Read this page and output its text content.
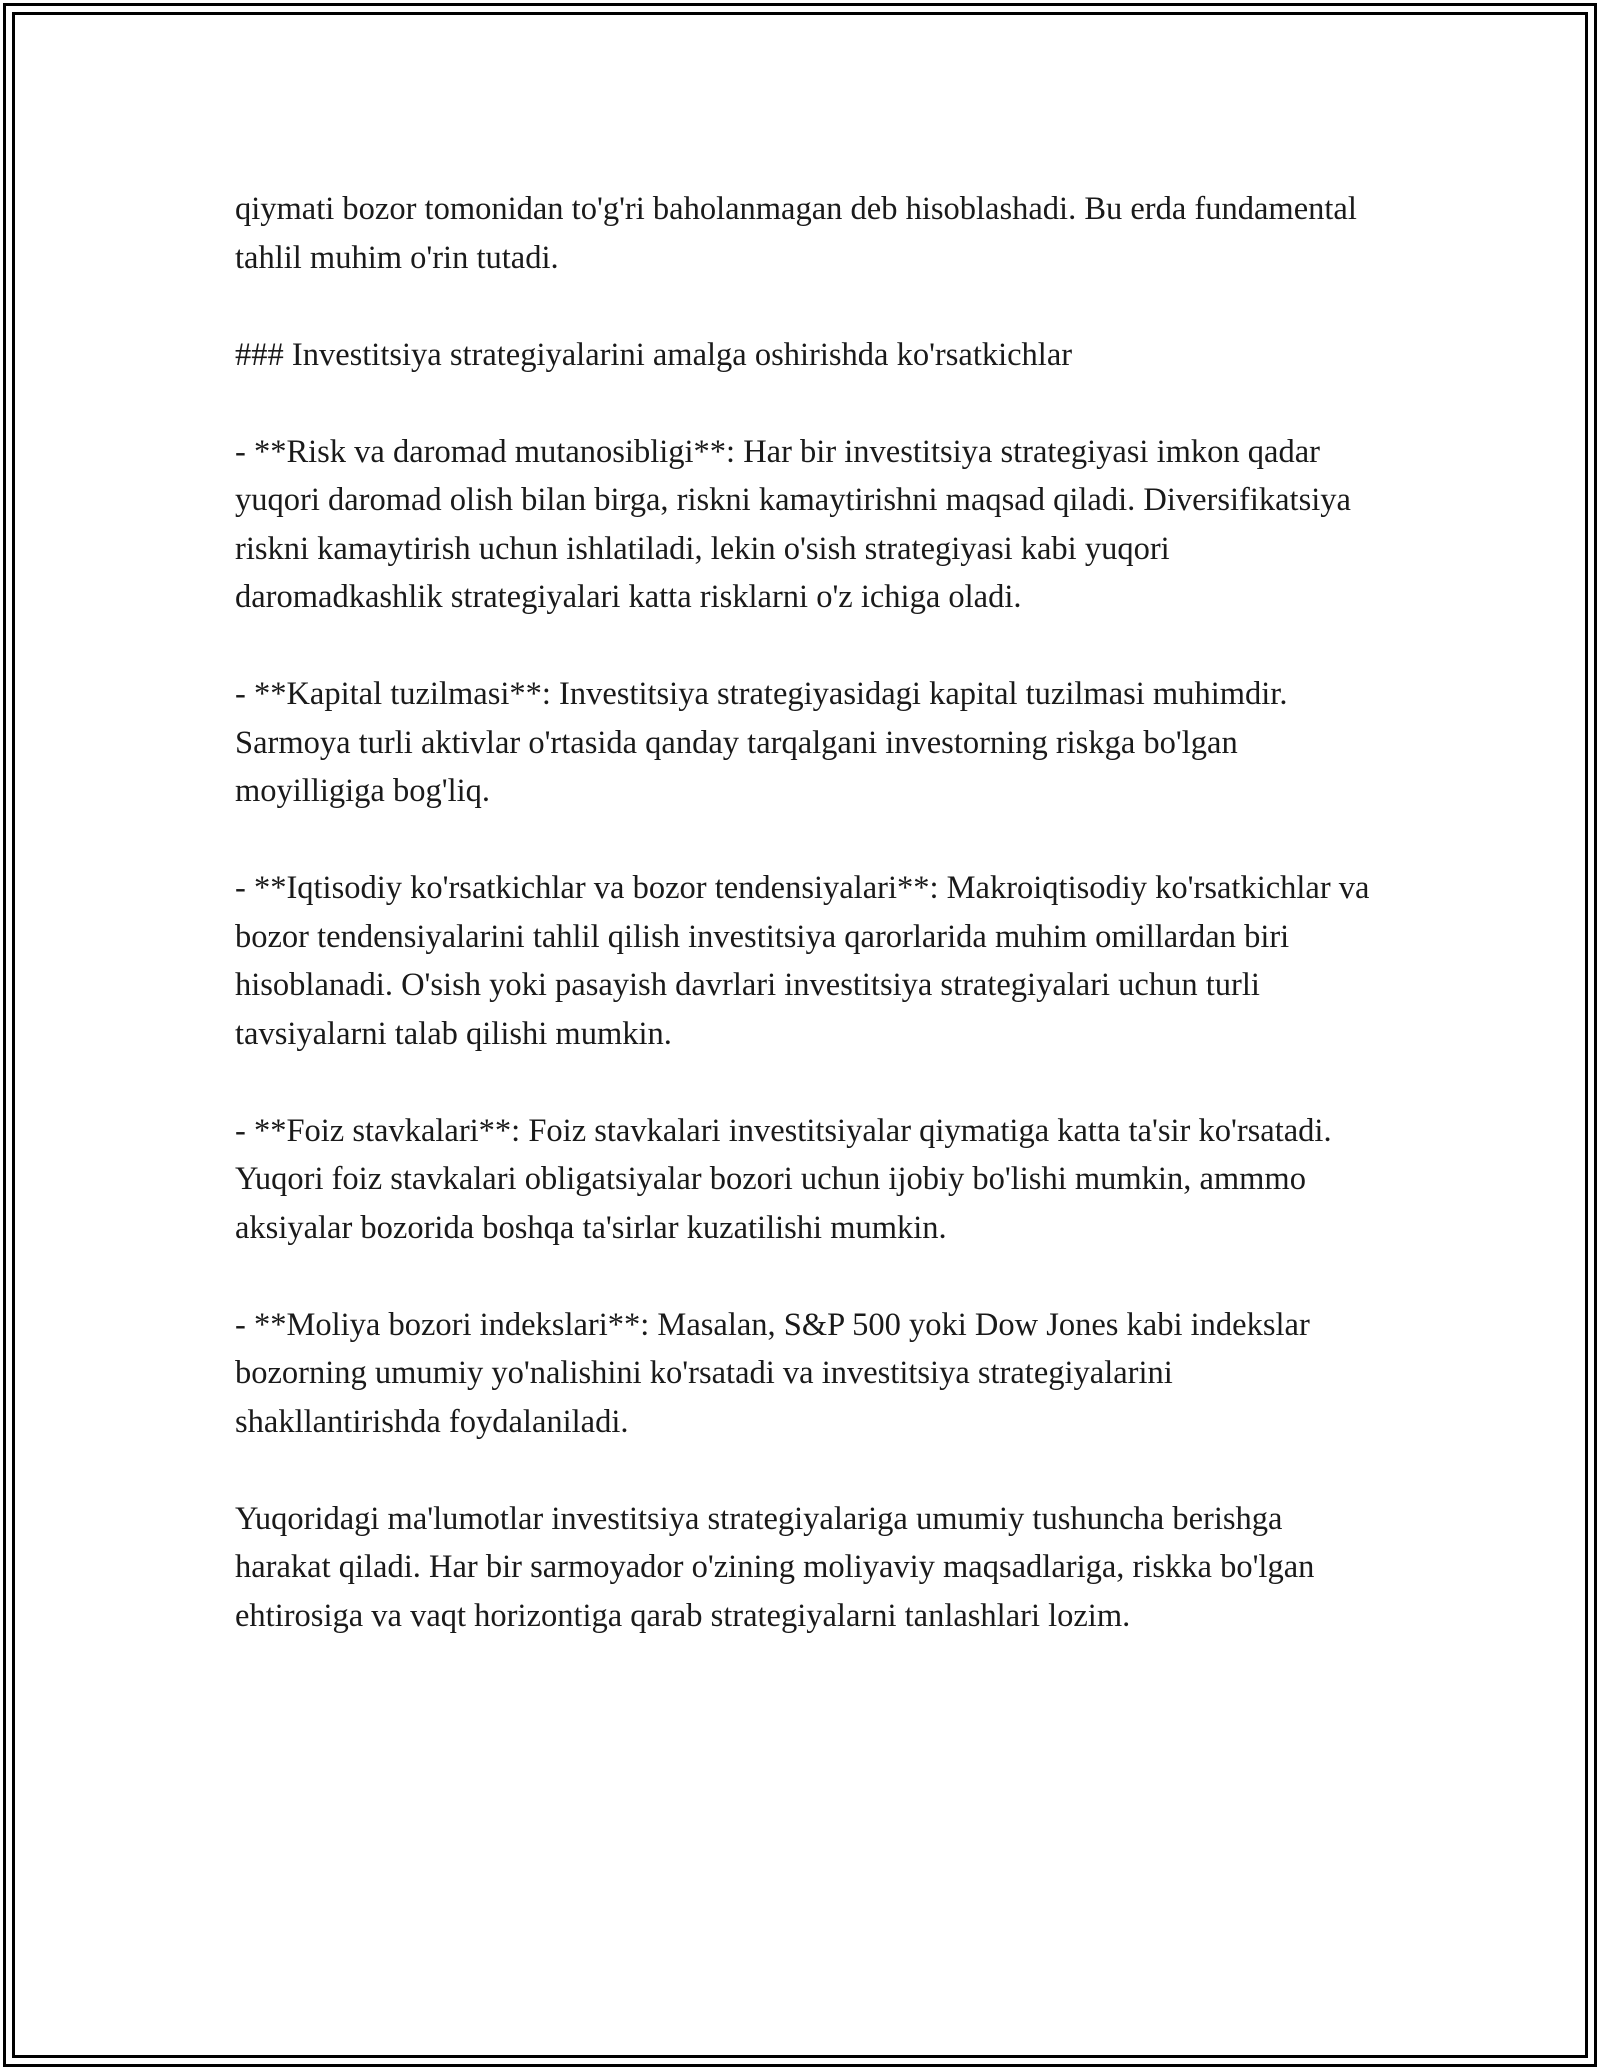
qiymati bozor tomonidan to'g'ri baholanmagan deb hisoblashadi. Bu erda fundamental tahlil muhim o'rin tutadi.

### Investitsiya strategiyalarini amalga oshirishda ko'rsatkichlar

- **Risk va daromad mutanosibligi**: Har bir investitsiya strategiyasi imkon qadar yuqori daromad olish bilan birga, riskni kamaytirishni maqsad qiladi. Diversifikatsiya riskni kamaytirish uchun ishlatiladi, lekin o'sish strategiyasi kabi yuqori daromadkashlik strategiyalari katta risklarni o'z ichiga oladi.

- **Kapital tuzilmasi**: Investitsiya strategiyasidagi kapital tuzilmasi muhimdir. Sarmoya turli aktivlar o'rtasida qanday tarqalgani investorning riskga bo'lgan moyilligiga bog'liq.

- **Iqtisodiy ko'rsatkichlar va bozor tendensiyalari**: Makroiqtisodiy ko'rsatkichlar va bozor tendensiyalarini tahlil qilish investitsiya qarorlarida muhim omillardan biri hisoblanadi. O'sish yoki pasayish davrlari investitsiya strategiyalari uchun turli tavsiyalarni talab qilishi mumkin.

- **Foiz stavkalari**: Foiz stavkalari investitsiyalar qiymatiga katta ta'sir ko'rsatadi. Yuqori foiz stavkalari obligatsiyalar bozori uchun ijobiy bo'lishi mumkin, ammmo aksiyalar bozorida boshqa ta'sirlar kuzatilishi mumkin.

- **Moliya bozori indekslari**: Masalan, S&P 500 yoki Dow Jones kabi indekslar bozorning umumiy yo'nalishini ko'rsatadi va investitsiya strategiyalarini shakllantirishda foydalaniladi.

Yuqoridagi ma'lumotlar investitsiya strategiyalariga umumiy tushuncha berishga harakat qiladi. Har bir sarmoyador o'zining moliyaviy maqsadlariga, riskka bo'lgan ehtirosiga va vaqt horizontiga qarab strategiyalarni tanlashlari lozim.
